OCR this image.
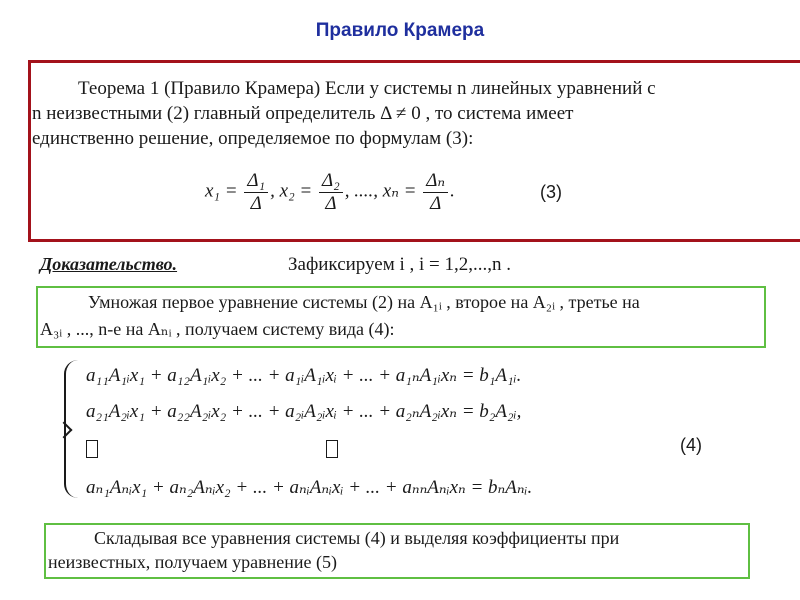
Правило Крамера
Теорема 1 (Правило Крамера) Если у системы n линейных уравнений с
n неизвестными (2) главный определитель Δ ≠ 0 , то система имеет
единственно решение, определяемое по формулам (3):
$x_1 = \frac{\text{Δ₁}}{\Delta}$ , $x_2 = \frac{\text{Δ₂}}{\Delta}$ , ...., $x_n = \frac{\text{Δₙ}}{\Delta}$ .	(3)
Доказательство.	Зафиксируем i , i = 1,2,...,n .
Умножая первое уравнение системы (2) на A₁ᵢ , второе на A₂ᵢ , третье на
A₃ᵢ , ..., n-e на Aₙᵢ , получаем систему вида (4):
a₁₁A₁ᵢx₁ + a₁₂A₁ᵢx₂ + ... + a₁ᵢA₁ᵢxᵢ + ... + a₁ₙA₁ᵢxₙ = b₁A₁ᵢ.
a₂₁A₂ᵢx₁ + a₂₂A₂ᵢx₂ + ... + a₂ᵢA₂ᵢxᵢ + ... + a₂ₙA₂ᵢxₙ = b₂A₂ᵢ,
aₙ₁Aₙᵢx₁ + aₙ₂Aₙᵢx₂ + ... + aₙᵢAₙᵢxᵢ + ... + aₙₙAₙᵢxₙ = bₙAₙᵢ.
(4)
Складывая все уравнения системы (4) и выделяя коэффициенты при
неизвестных, получаем уравнение (5)
